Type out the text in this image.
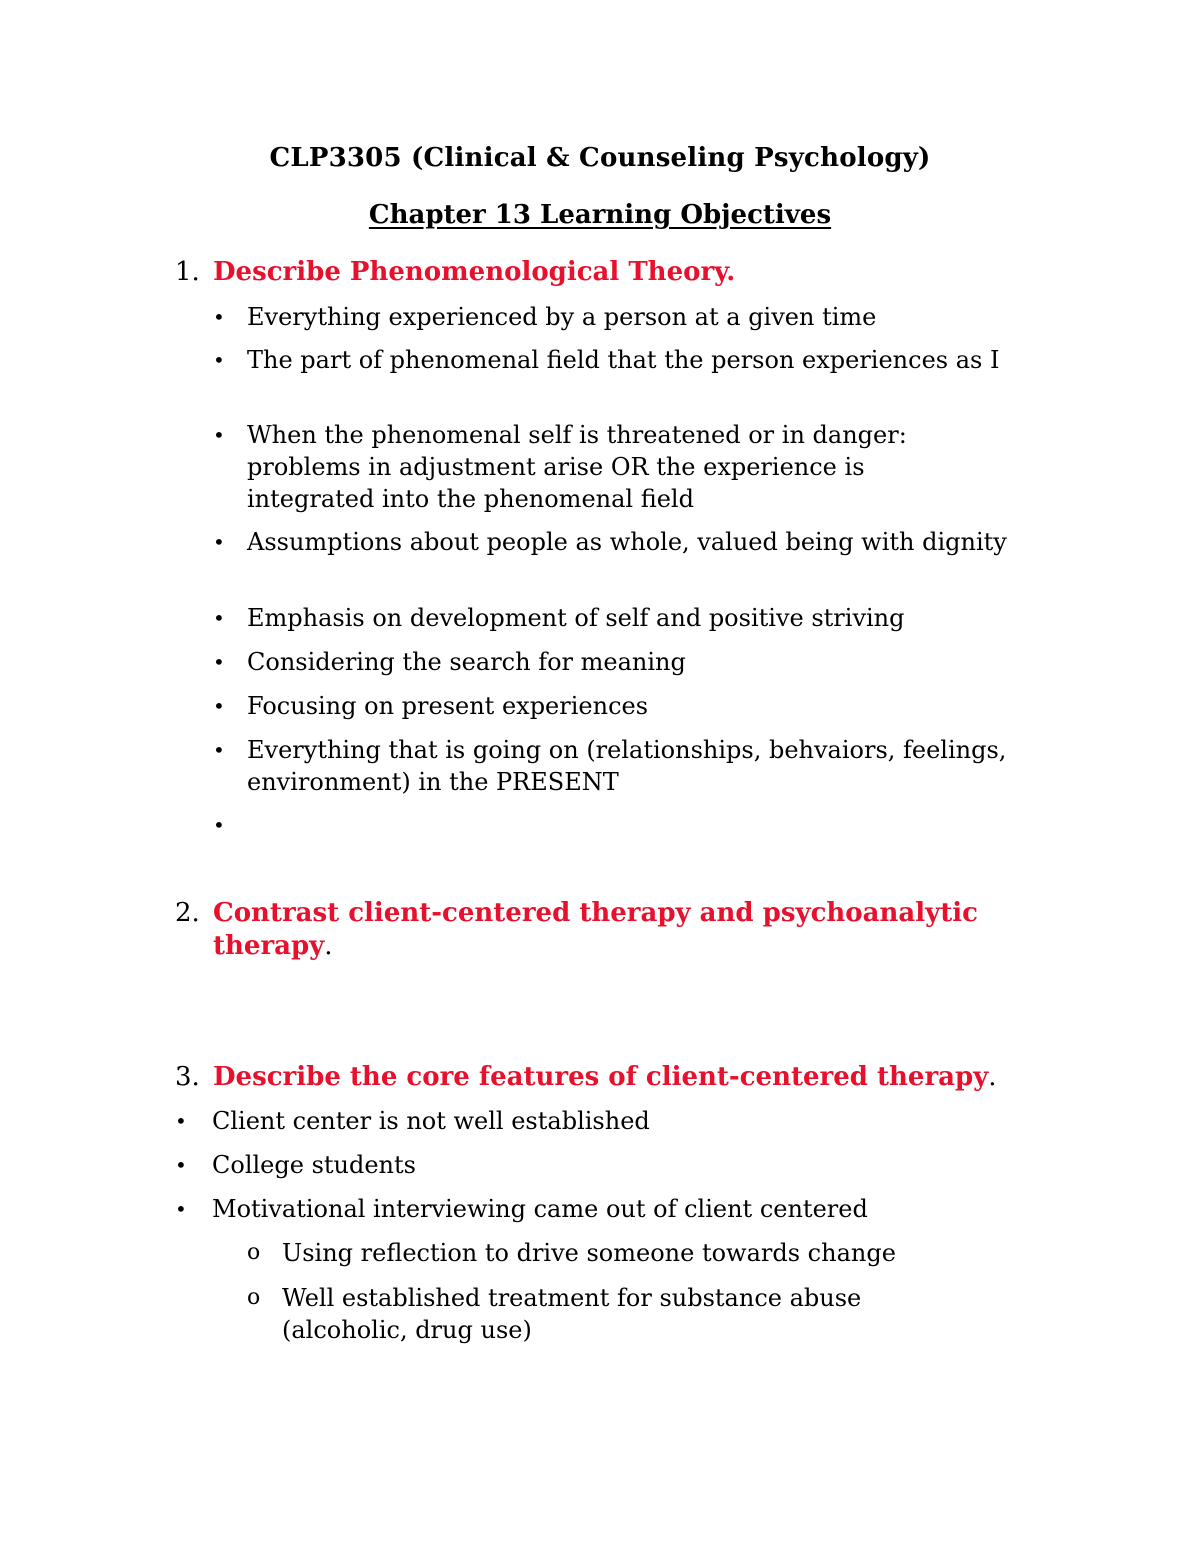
CLP3305 (Clinical & Counseling Psychology)
Chapter 13 Learning Objectives
1. Describe Phenomenological Theory.
• Everything experienced by a person at a given time
• The part of phenomenal field that the person experiences as I
• When the phenomenal self is threatened or in danger: problems in adjustment arise OR the experience is integrated into the phenomenal field
• Assumptions about people as whole, valued being with dignity
• Emphasis on development of self and positive striving
• Considering the search for meaning
• Focusing on present experiences
• Everything that is going on (relationships, behvaiors, feelings, environment) in the PRESENT
•
2. Contrast client-centered therapy and psychoanalytic therapy.
3. Describe the core features of client-centered therapy.
• Client center is not well established
• College students
• Motivational interviewing came out of client centered
o Using reflection to drive someone towards change
o Well established treatment for substance abuse (alcoholic, drug use)
